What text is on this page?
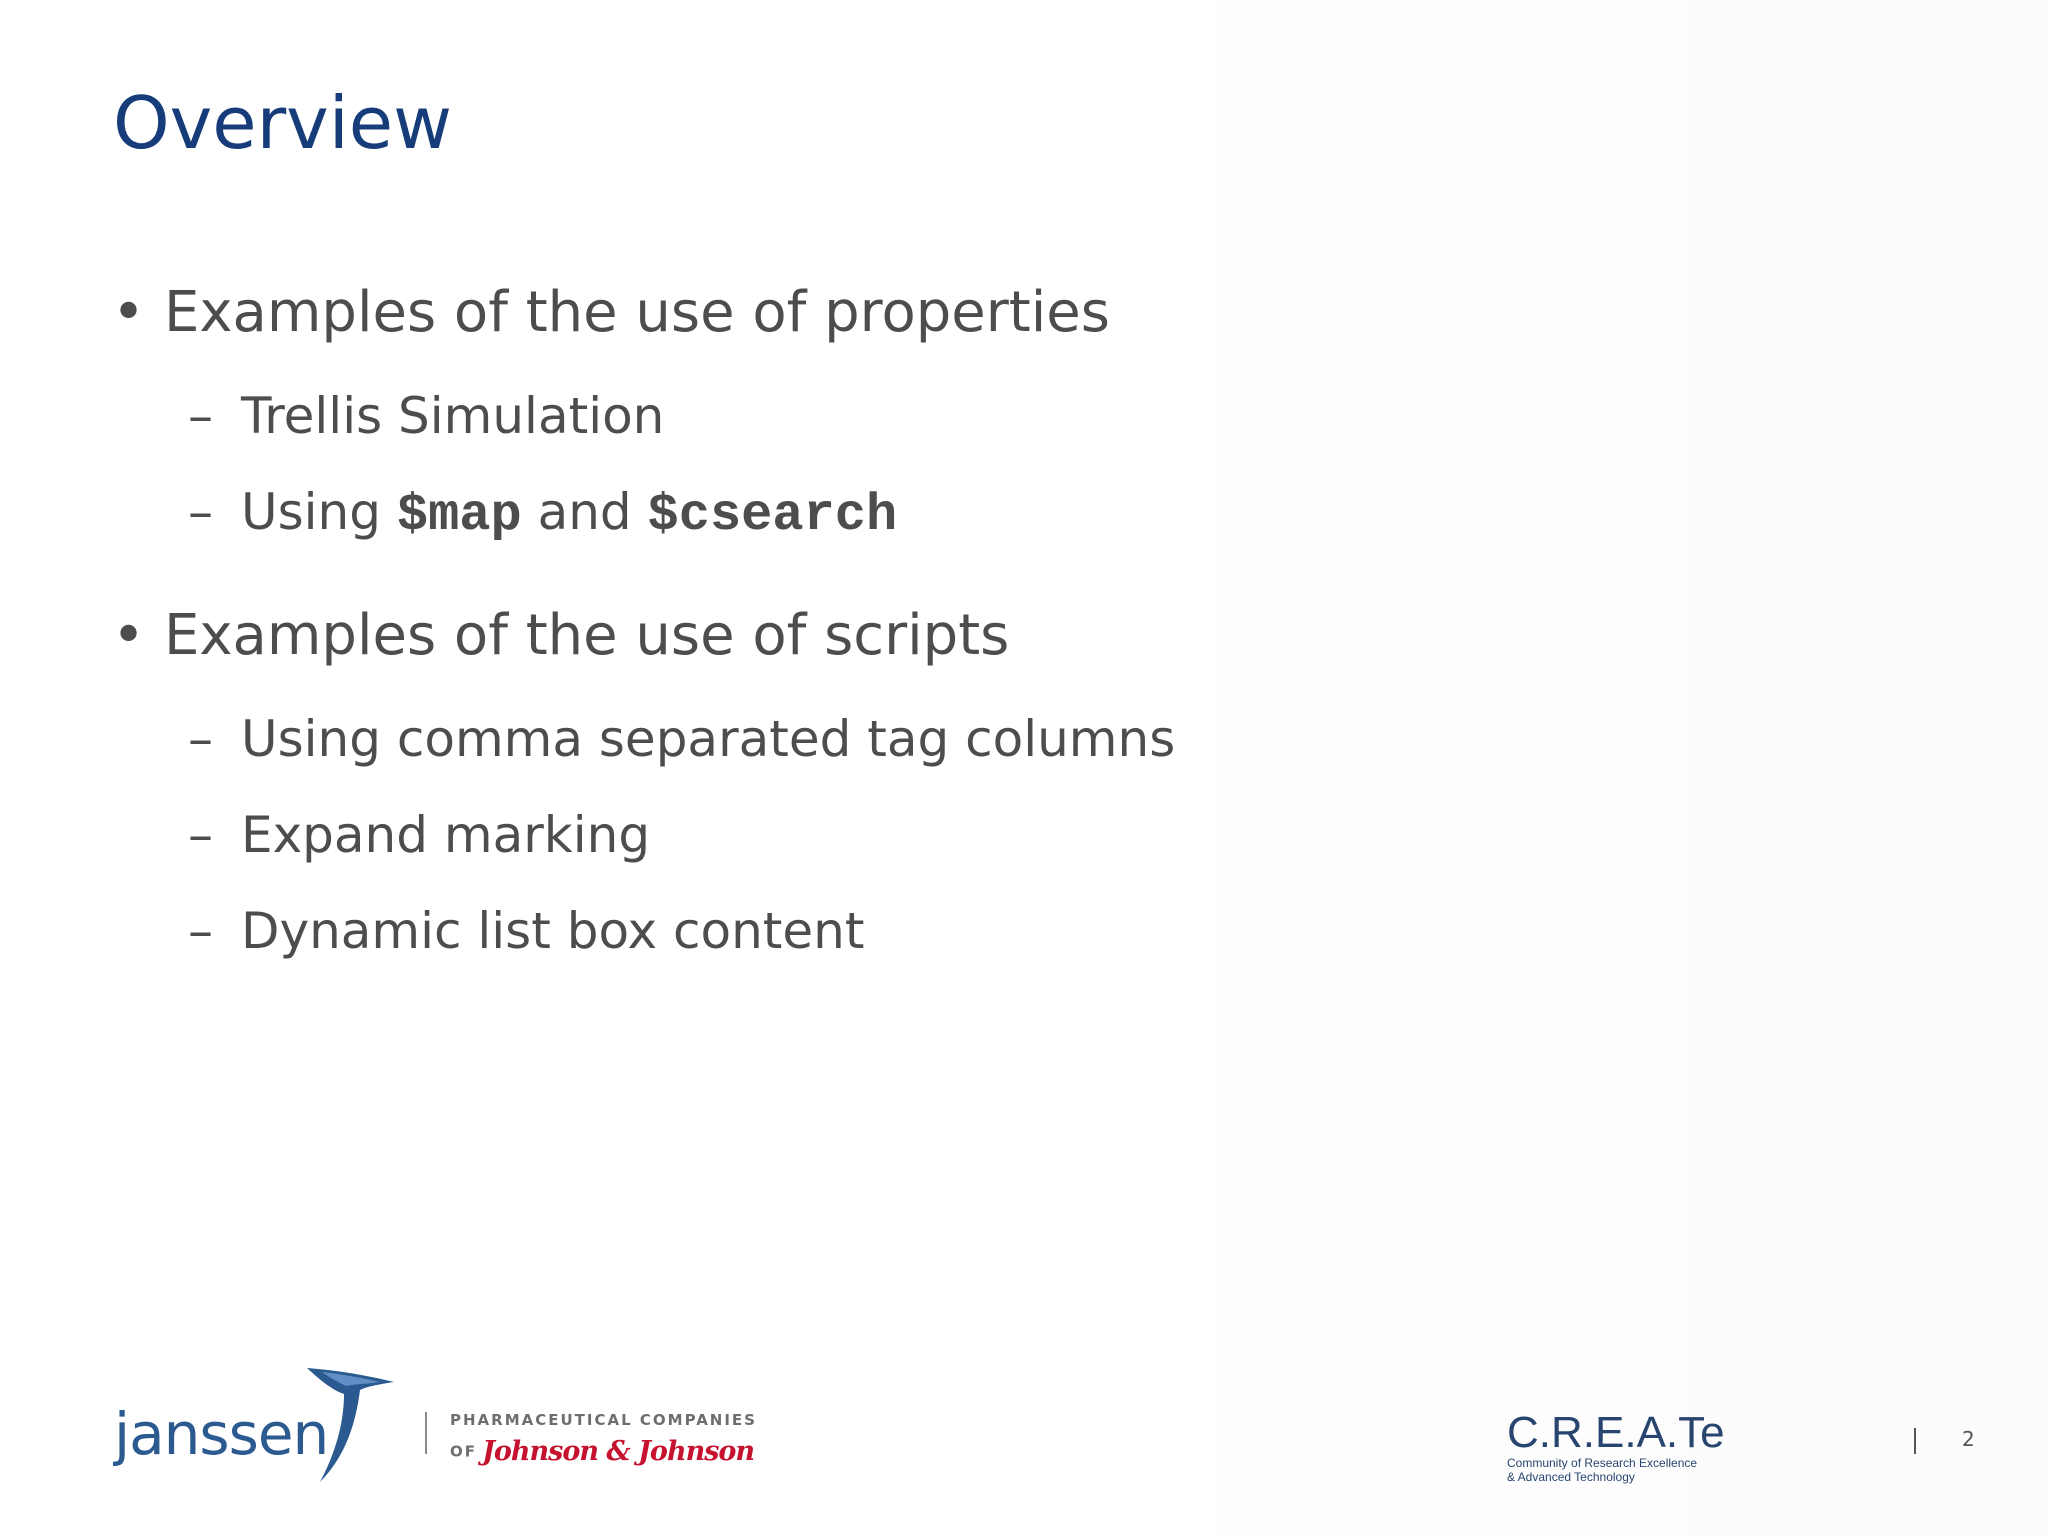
Overview
• Examples of the use of properties
– Trellis Simulation
– Using $map and $csearch
• Examples of the use of scripts
– Using comma separated tag columns
– Expand marking
– Dynamic list box content
janssen	PHARMACEUTICAL COMPANIES
OF Johnson & Johnson	C.R.E.A.Te
Community of Research Excellence
& Advanced Technology
2
